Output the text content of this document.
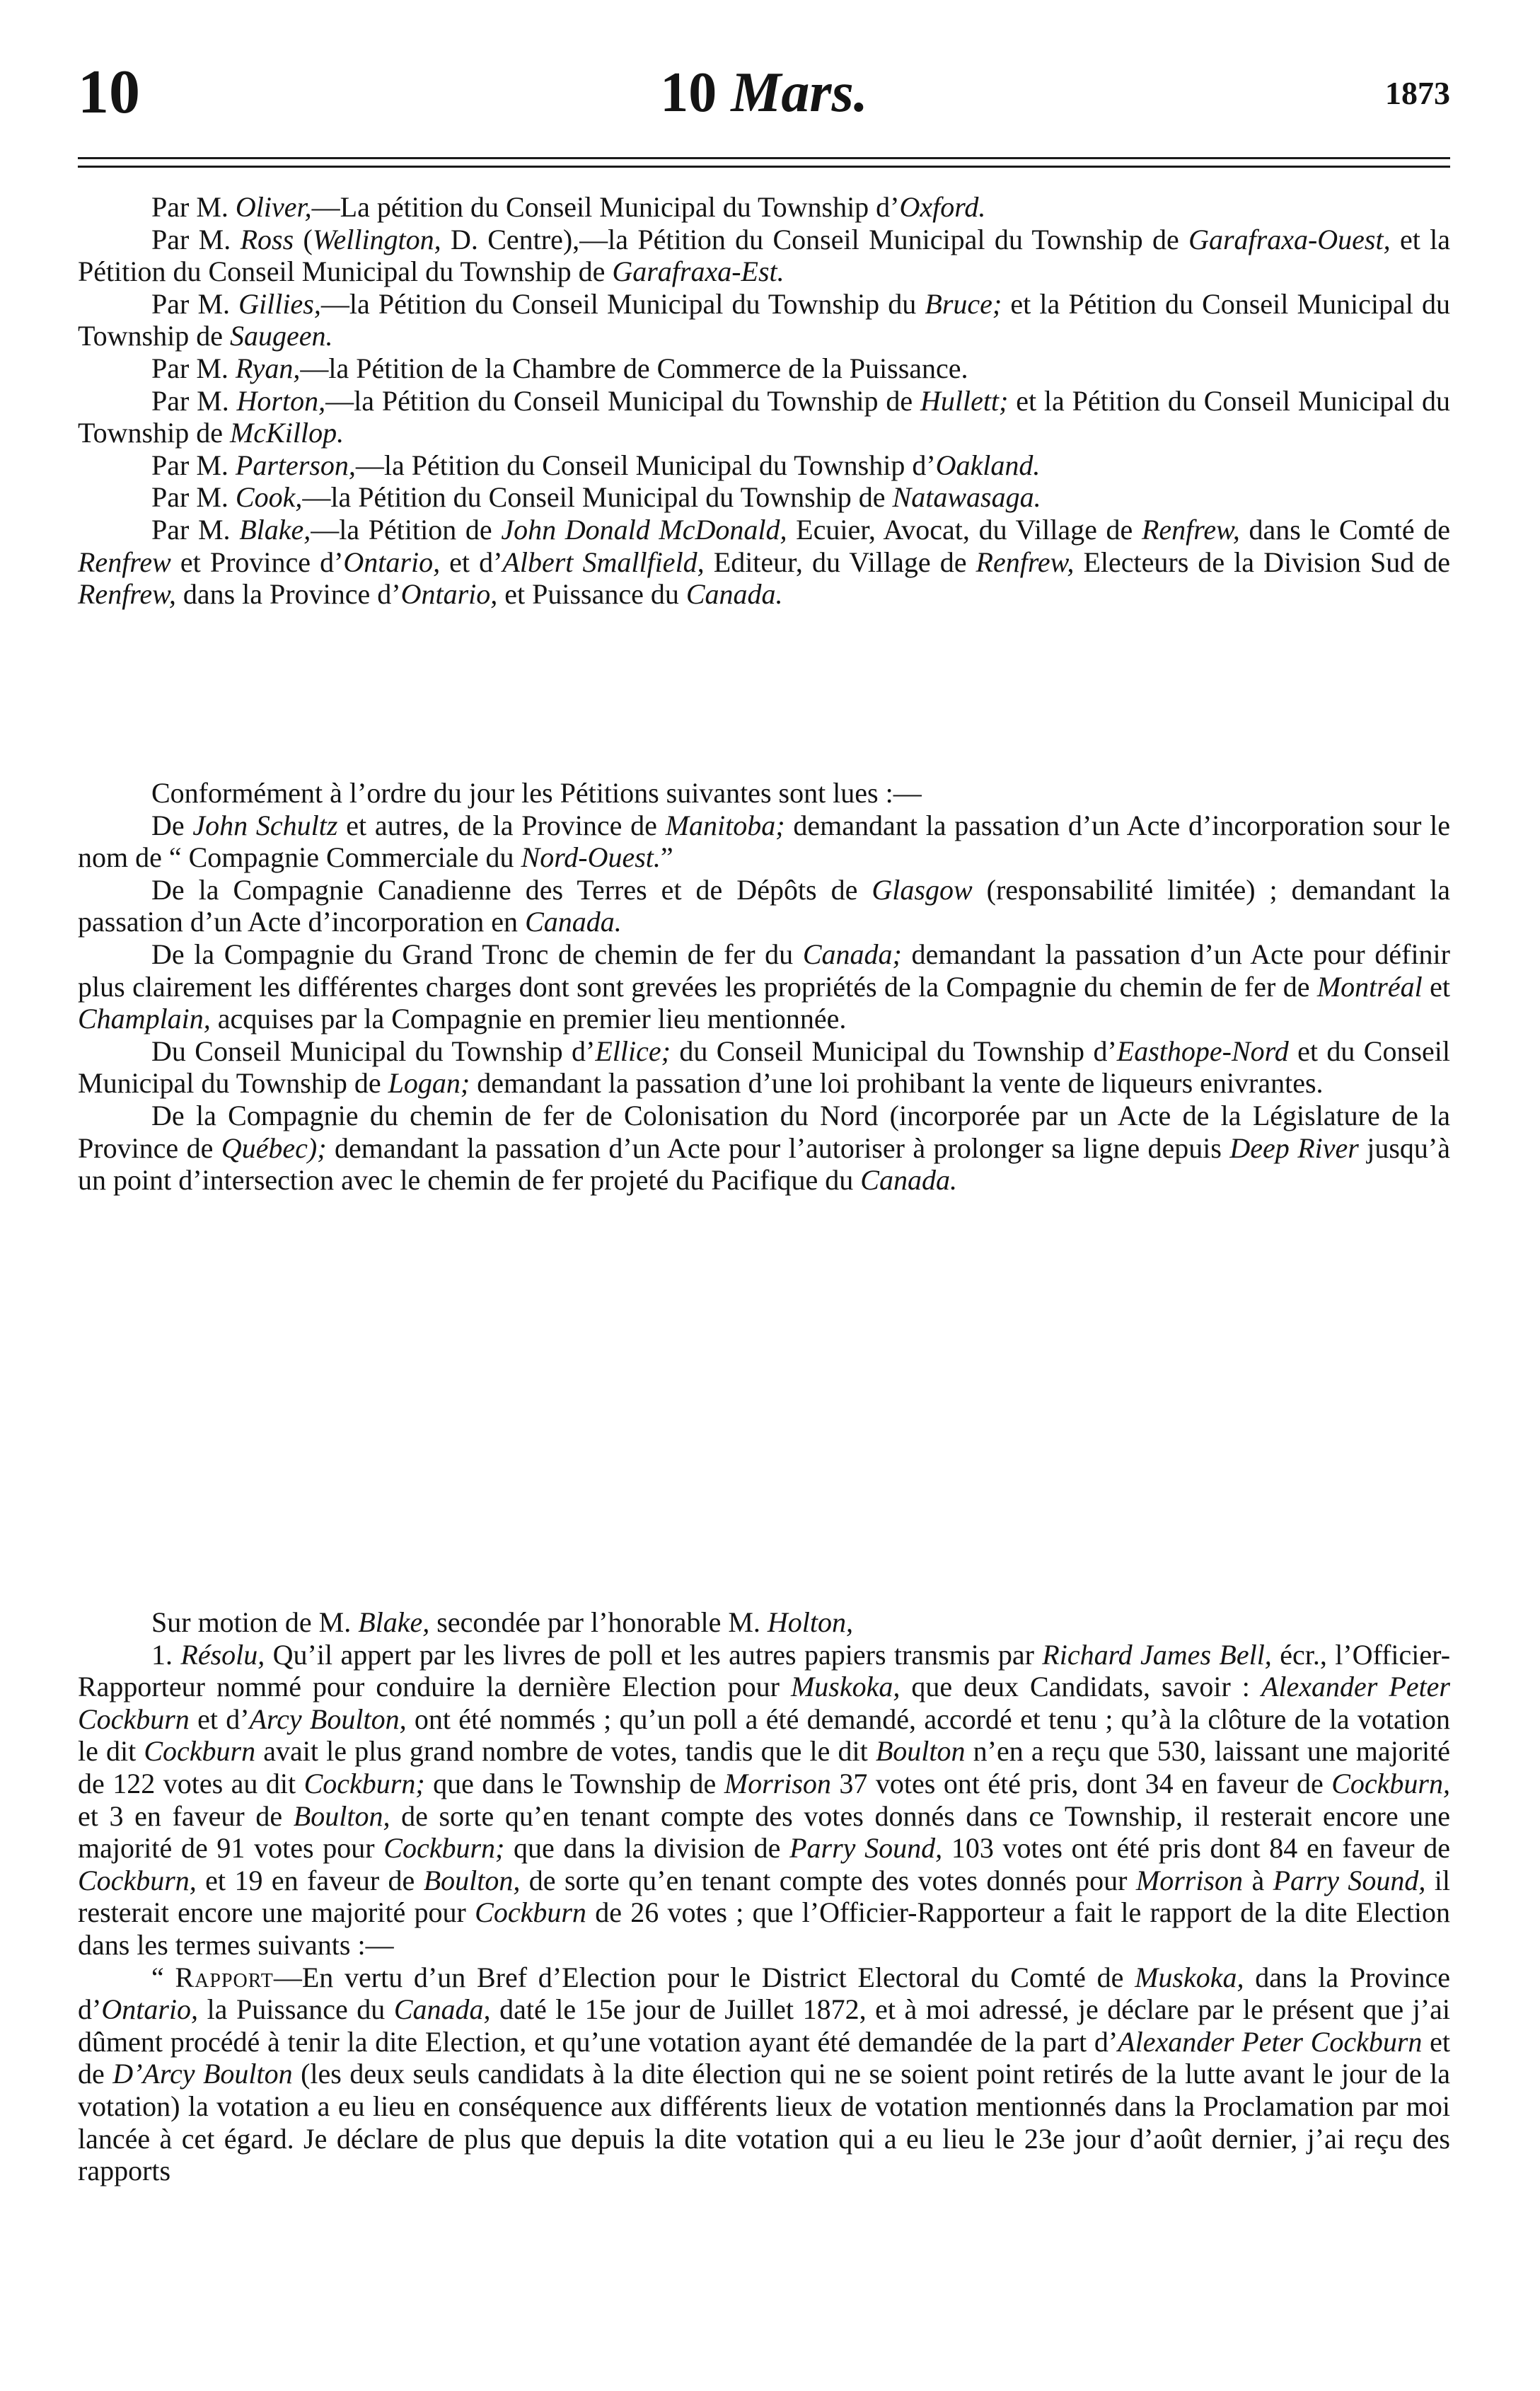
10	10 Mars.	1873

Par M. Oliver,—La pétition du Conseil Municipal du Township d’Oxford.

Par M. Ross (Wellington, D. Centre),—la Pétition du Conseil Municipal du Township de Garafraxa-Ouest, et la Pétition du Conseil Municipal du Township de Garafraxa-Est.

Par M. Gillies,—la Pétition du Conseil Municipal du Township du Bruce; et la Pétition du Conseil Municipal du Township de Saugeen.

Par M. Ryan,—la Pétition de la Chambre de Commerce de la Puissance.

Par M. Horton,—la Pétition du Conseil Municipal du Township de Hullett; et la Pétition du Conseil Municipal du Township de McKillop.

Par M. Parterson,—la Pétition du Conseil Municipal du Township d’Oakland.

Par M. Cook,—la Pétition du Conseil Municipal du Township de Natawasaga.

Par M. Blake,—la Pétition de John Donald McDonald, Ecuier, Avocat, du Village de Renfrew, dans le Comté de Renfrew et Province d’Ontario, et d’Albert Smallfield, Editeur, du Village de Renfrew, Electeurs de la Division Sud de Renfrew, dans la Province d’Ontario, et Puissance du Canada.

Conformément à l’ordre du jour les Pétitions suivantes sont lues :—

De John Schultz et autres, de la Province de Manitoba; demandant la passation d’un Acte d’incorporation sour le nom de “ Compagnie Commerciale du Nord-Ouest.”

De la Compagnie Canadienne des Terres et de Dépôts de Glasgow (responsabilité limitée) ; demandant la passation d’un Acte d’incorporation en Canada.

De la Compagnie du Grand Tronc de chemin de fer du Canada; demandant la passation d’un Acte pour définir plus clairement les différentes charges dont sont grevées les propriétés de la Compagnie du chemin de fer de Montréal et Champlain, acquises par la Compagnie en premier lieu mentionnée.

Du Conseil Municipal du Township d’Ellice; du Conseil Municipal du Township d’Easthope-Nord et du Conseil Municipal du Township de Logan; demandant la passation d’une loi prohibant la vente de liqueurs enivrantes.

De la Compagnie du chemin de fer de Colonisation du Nord (incorporée par un Acte de la Législature de la Province de Québec); demandant la passation d’un Acte pour l’autoriser à prolonger sa ligne depuis Deep River jusqu’à un point d’intersection avec le chemin de fer projeté du Pacifique du Canada.

Sur motion de M. Blake, secondée par l’honorable M. Holton,

1. Résolu, Qu’il appert par les livres de poll et les autres papiers transmis par Richard James Bell, écr., l’Officier-Rapporteur nommé pour conduire la dernière Election pour Muskoka, que deux Candidats, savoir : Alexander Peter Cockburn et d’Arcy Boulton, ont été nommés ; qu’un poll a été demandé, accordé et tenu ; qu’à la clôture de la votation le dit Cockburn avait le plus grand nombre de votes, tandis que le dit Boulton n’en a reçu que 530, laissant une majorité de 122 votes au dit Cockburn; que dans le Township de Morrison 37 votes ont été pris, dont 34 en faveur de Cockburn, et 3 en faveur de Boulton, de sorte qu’en tenant compte des votes donnés dans ce Township, il resterait encore une majorité de 91 votes pour Cockburn; que dans la division de Parry Sound, 103 votes ont été pris dont 84 en faveur de Cockburn, et 19 en faveur de Boulton, de sorte qu’en tenant compte des votes donnés pour Morrison à Parry Sound, il resterait encore une majorité pour Cockburn de 26 votes ; que l’Officier-Rapporteur a fait le rapport de la dite Election dans les termes suivants :—

“ Rapport—En vertu d’un Bref d’Election pour le District Electoral du Comté de Muskoka, dans la Province d’Ontario, la Puissance du Canada, daté le 15e jour de Juillet 1872, et à moi adressé, je déclare par le présent que j’ai dûment procédé à tenir la dite Election, et qu’une votation ayant été demandée de la part d’Alexander Peter Cockburn et de D’Arcy Boulton (les deux seuls candidats à la dite élection qui ne se soient point retirés de la lutte avant le jour de la votation) la votation a eu lieu en conséquence aux différents lieux de votation mentionnés dans la Proclamation par moi lancée à cet égard. Je déclare de plus que depuis la dite votation qui a eu lieu le 23e jour d’août dernier, j’ai reçu des rapports
